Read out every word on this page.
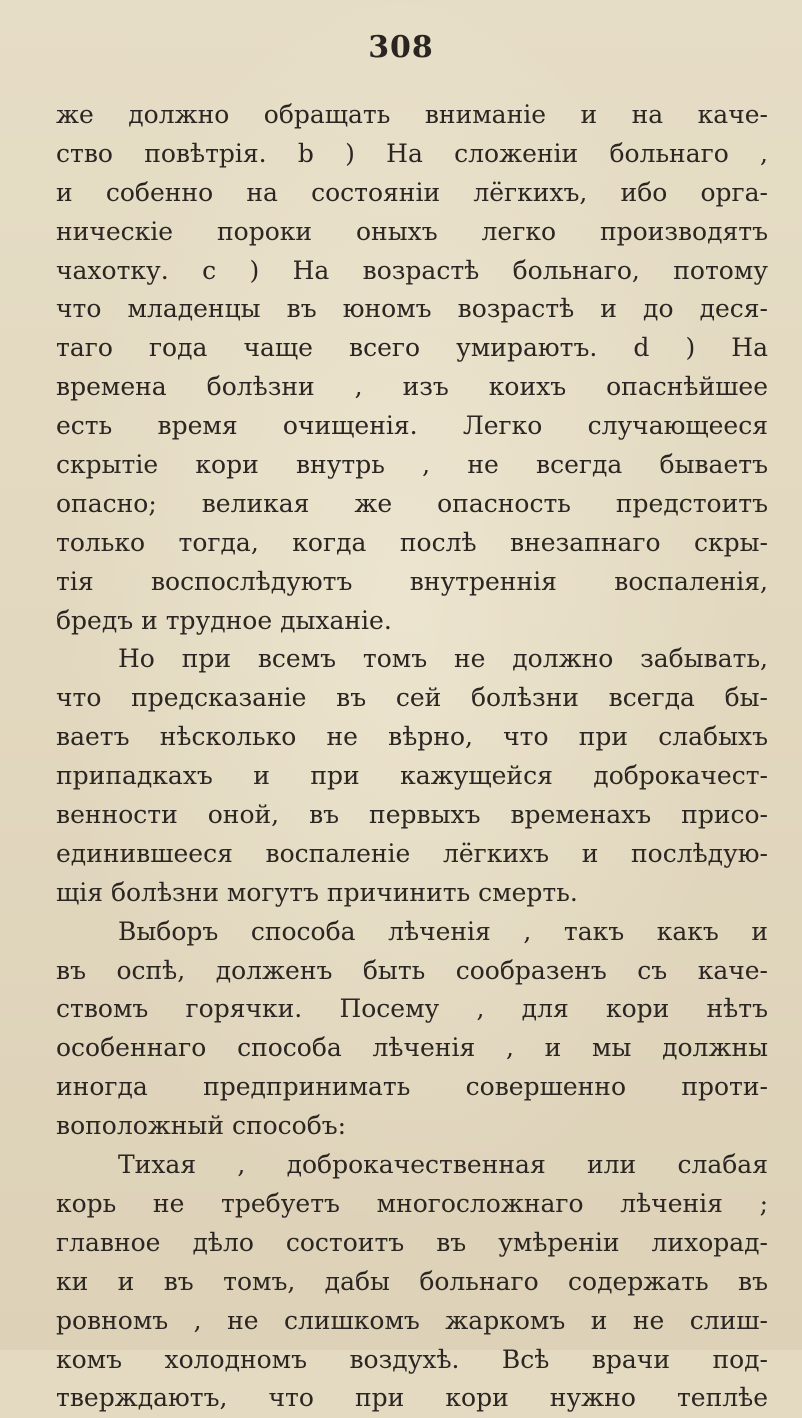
308
же должно обращать вниманіе и на качe-
ство повѣтрія. b ) На сложеніи больнаго ,
и собенно на состояніи лёгкихъ, ибо орга-
ническіе пороки оныхъ легко производятъ
чахотку. c ) На возрастѣ больнаго, потому
что младенцы въ юномъ возрастѣ и до деся-
таго года чаще всего умираютъ. d ) На
времена болѣзни , изъ коихъ опаснѣйшее
есть время очищенія. Легко случающееся
скрытіе кори внутрь , не всегда бываетъ
опасно; великая же опасность предстоитъ
только тогда, когда послѣ внезапнаго скры-
тія воспослѣдуютъ внутреннія воспаленія,
бредъ и трудное дыханіе.
Но при всемъ томъ не должно забывать,
что предсказаніе въ сей болѣзни всегда бы-
ваетъ нѣсколько не вѣрно, что при слабыхъ
припадкахъ и при кажущейся доброкачест-
венности оной, въ первыхъ временахъ присо-
единившееся воспаленіе лёгкихъ и послѣдую-
щія болѣзни могутъ причинить смерть.
Выборъ способа лѣченія , такъ какъ и
въ оспѣ, долженъ быть сообразенъ съ каче-
ствомъ горячки. Посему , для кори нѣтъ
особеннаго способа лѣченія , и мы должны
иногда предпринимать совершенно проти-
воположный способъ:
Тихая , доброкачественная или слабая
корь не требуетъ многосложнаго лѣченія ;
главное дѣло состоитъ въ умѣреніи лихорад-
ки и въ томъ, дабы больнаго содержать въ
ровномъ , не слишкомъ жаркомъ и не слиш-
комъ холодномъ воздухѣ. Всѣ врачи под-
тверждаютъ, что при кори нужно теплѣе
